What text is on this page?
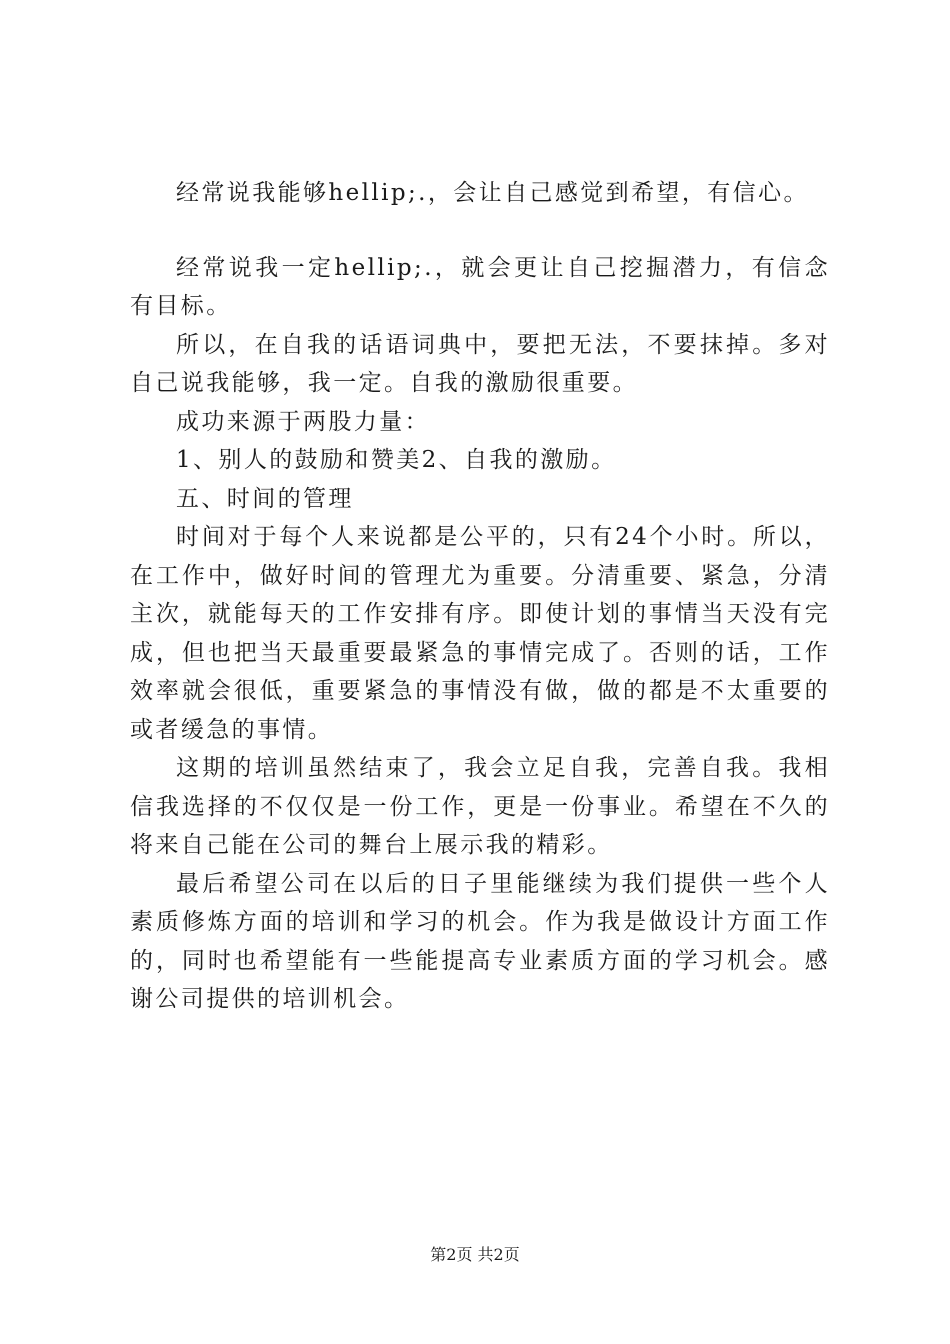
经常说我能够hellip;.，会让自己感觉到希望，有信心。

经常说我一定hellip;.，就会更让自己挖掘潜力，有信念有目标。

所以，在自我的话语词典中，要把无法，不要抹掉。多对自己说我能够，我一定。自我的激励很重要。

成功来源于两股力量：

1、别人的鼓励和赞美2、自我的激励。

五、时间的管理

时间对于每个人来说都是公平的，只有24个小时。所以，在工作中，做好时间的管理尤为重要。分清重要、紧急，分清主次，就能每天的工作安排有序。即使计划的事情当天没有完成，但也把当天最重要最紧急的事情完成了。否则的话，工作效率就会很低，重要紧急的事情没有做，做的都是不太重要的或者缓急的事情。

这期的培训虽然结束了，我会立足自我，完善自我。我相信我选择的不仅仅是一份工作，更是一份事业。希望在不久的将来自己能在公司的舞台上展示我的精彩。

最后希望公司在以后的日子里能继续为我们提供一些个人素质修炼方面的培训和学习的机会。作为我是做设计方面工作的，同时也希望能有一些能提高专业素质方面的学习机会。感谢公司提供的培训机会。

第2页 共2页
